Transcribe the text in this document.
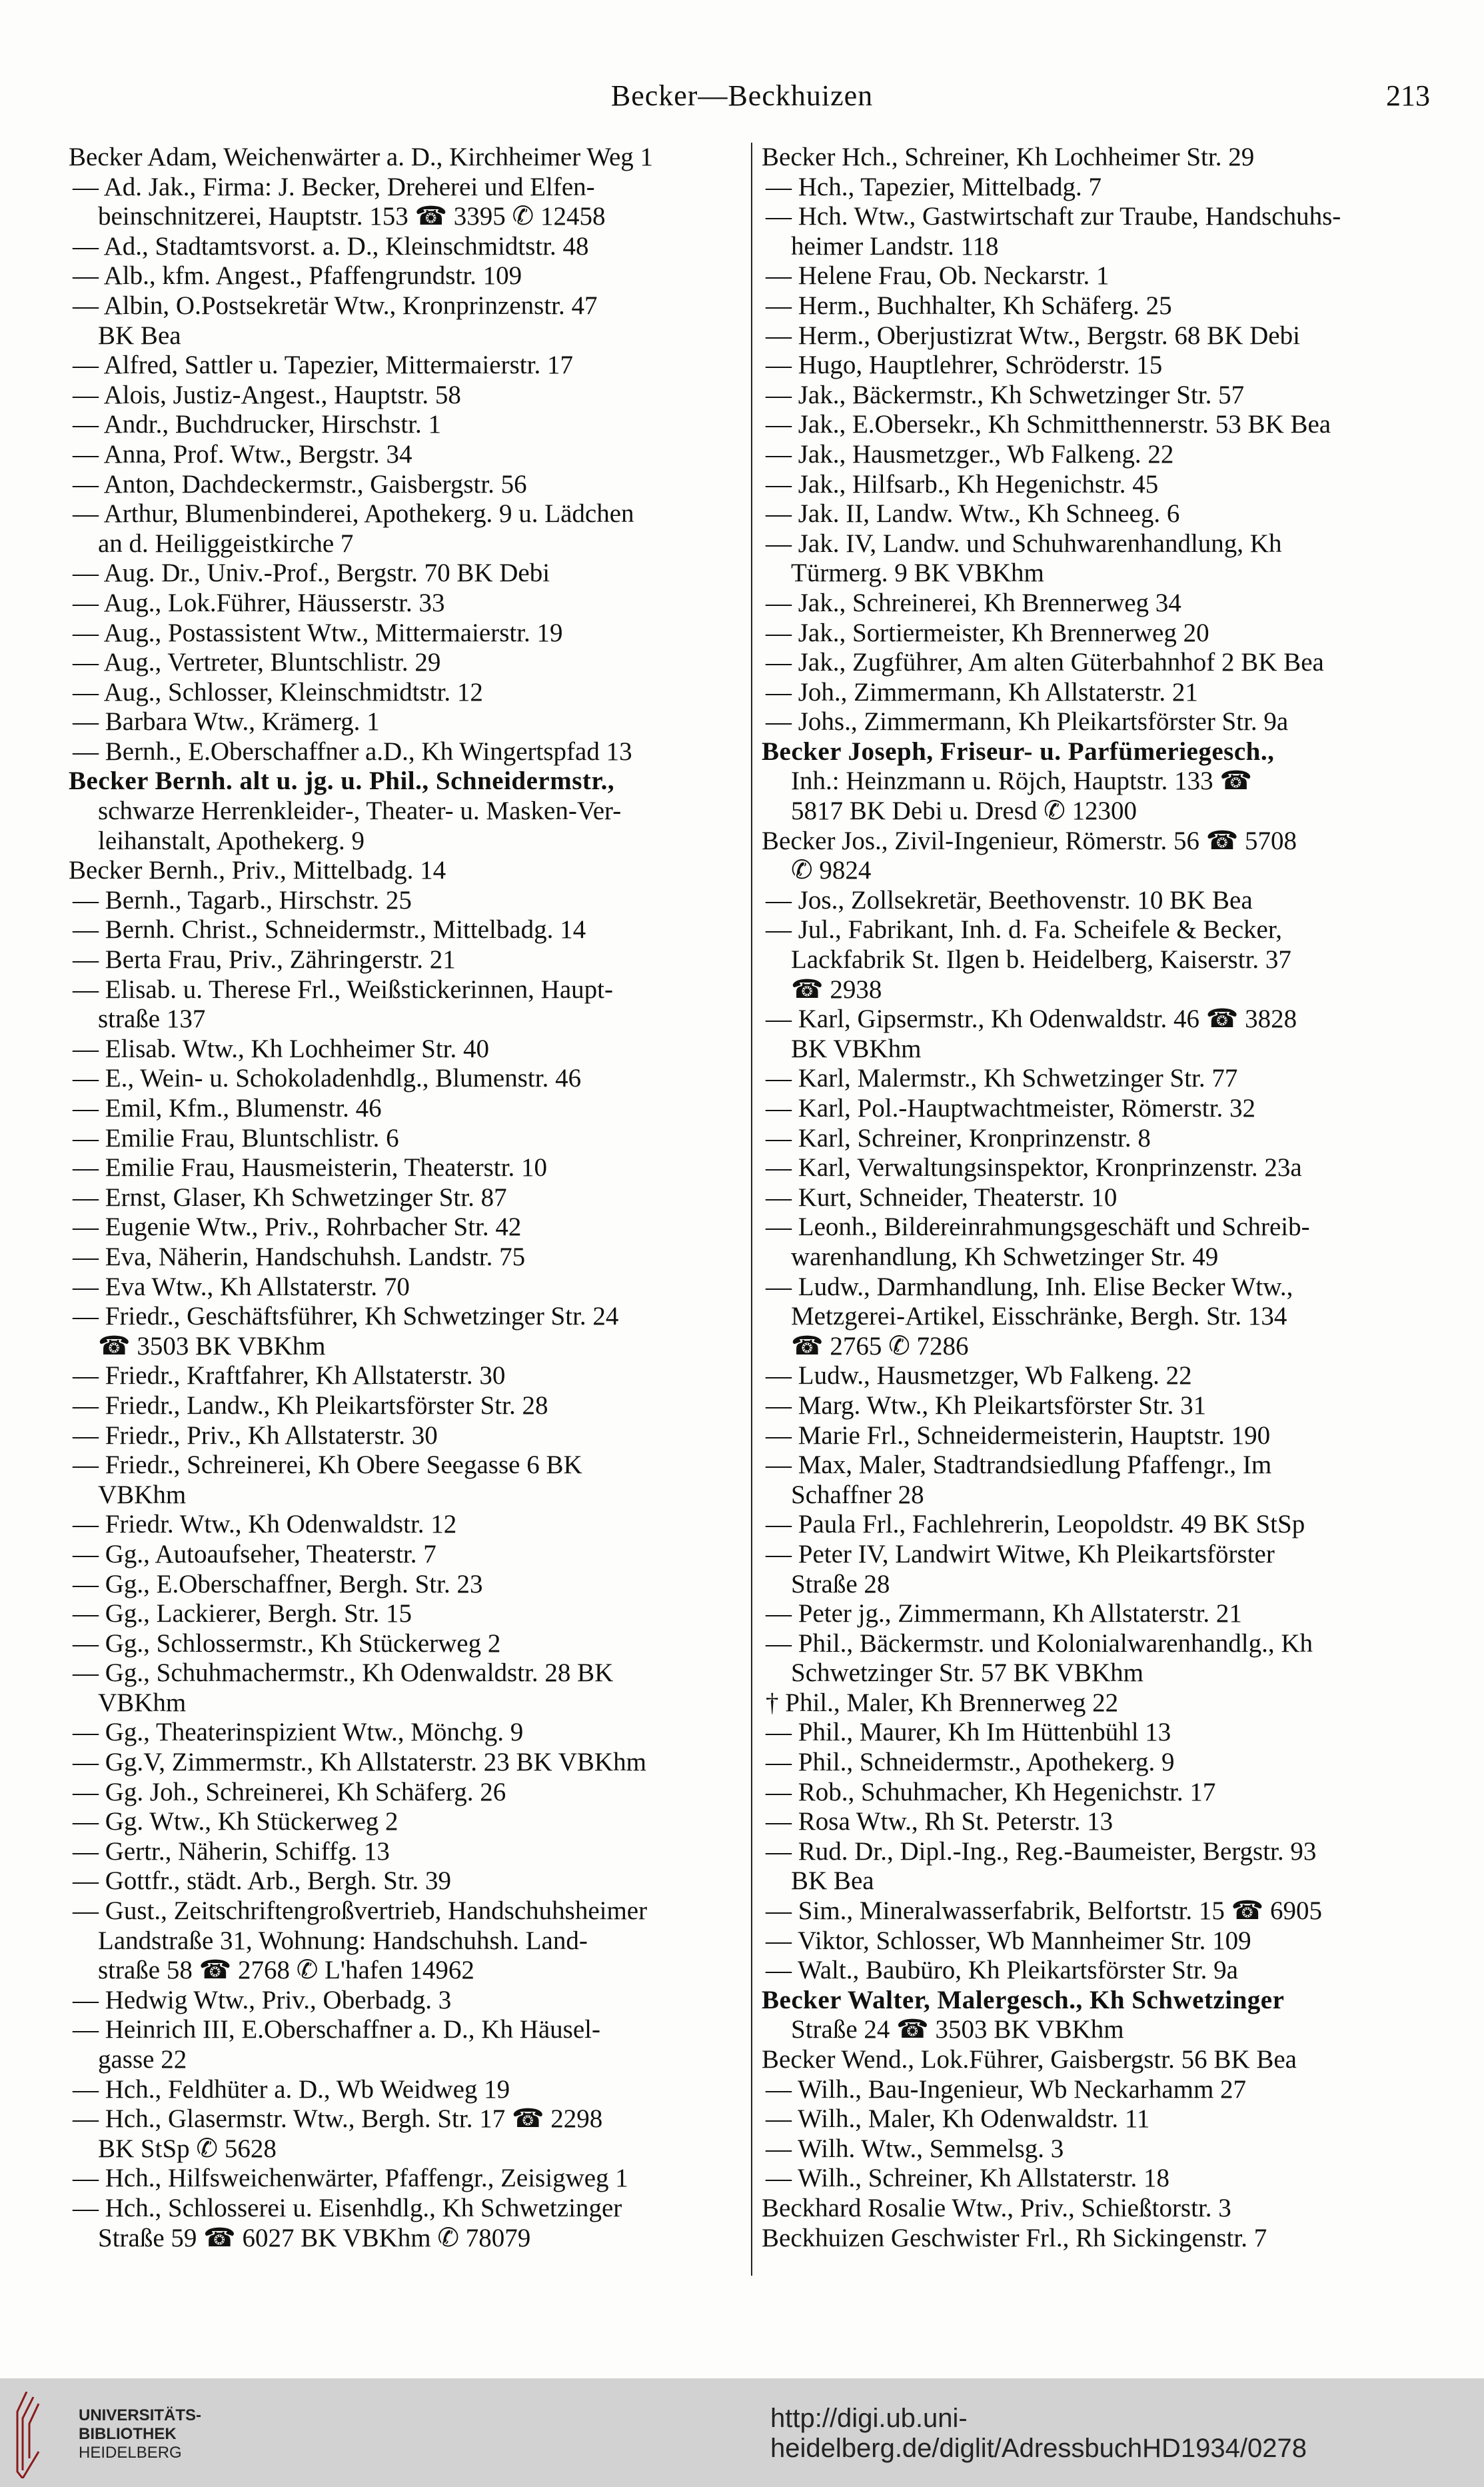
Becker—Beckhuizen	213
Becker Adam, Weichenwärter a. D., Kirchheimer Weg 1
— Ad. Jak., Firma: J. Becker, Dreherei und Elfen-
beinschnitzerei, Hauptstr. 153 ☎ 3395 ✆ 12458
— Ad., Stadtamtsvorst. a. D., Kleinschmidtstr. 48
— Alb., kfm. Angest., Pfaffengrundstr. 109
— Albin, O.Postsekretär Wtw., Kronprinzenstr. 47
BK Bea
— Alfred, Sattler u. Tapezier, Mittermaierstr. 17
— Alois, Justiz-Angest., Hauptstr. 58
— Andr., Buchdrucker, Hirschstr. 1
— Anna, Prof. Wtw., Bergstr. 34
— Anton, Dachdeckermstr., Gaisbergstr. 56
— Arthur, Blumenbinderei, Apothekerg. 9 u. Lädchen
an d. Heiliggeistkirche 7
— Aug. Dr., Univ.-Prof., Bergstr. 70 BK Debi
— Aug., Lok.Führer, Häusserstr. 33
— Aug., Postassistent Wtw., Mittermaierstr. 19
— Aug., Vertreter, Bluntschlistr. 29
— Aug., Schlosser, Kleinschmidtstr. 12
— Barbara Wtw., Krämerg. 1
— Bernh., E.Oberschaffner a.D., Kh Wingertspfad 13
Becker Bernh. alt u. jg. u. Phil., Schneidermstr.,
schwarze Herrenkleider-, Theater- u. Masken-Ver-
leihanstalt, Apothekerg. 9
Becker Bernh., Priv., Mittelbadg. 14
— Bernh., Tagarb., Hirschstr. 25
— Bernh. Christ., Schneidermstr., Mittelbadg. 14
— Berta Frau, Priv., Zähringerstr. 21
— Elisab. u. Therese Frl., Weißstickerinnen, Haupt-
straße 137
— Elisab. Wtw., Kh Lochheimer Str. 40
— E., Wein- u. Schokoladenhdlg., Blumenstr. 46
— Emil, Kfm., Blumenstr. 46
— Emilie Frau, Bluntschlistr. 6
— Emilie Frau, Hausmeisterin, Theaterstr. 10
— Ernst, Glaser, Kh Schwetzinger Str. 87
— Eugenie Wtw., Priv., Rohrbacher Str. 42
— Eva, Näherin, Handschuhsh. Landstr. 75
— Eva Wtw., Kh Allstaterstr. 70
— Friedr., Geschäftsführer, Kh Schwetzinger Str. 24
☎ 3503 BK VBKhm
— Friedr., Kraftfahrer, Kh Allstaterstr. 30
— Friedr., Landw., Kh Pleikartsförster Str. 28
— Friedr., Priv., Kh Allstaterstr. 30
— Friedr., Schreinerei, Kh Obere Seegasse 6 BK
VBKhm
— Friedr. Wtw., Kh Odenwaldstr. 12
— Gg., Autoaufseher, Theaterstr. 7
— Gg., E.Oberschaffner, Bergh. Str. 23
— Gg., Lackierer, Bergh. Str. 15
— Gg., Schlossermstr., Kh Stückerweg 2
— Gg., Schuhmachermstr., Kh Odenwaldstr. 28 BK
VBKhm
— Gg., Theaterinspizient Wtw., Mönchg. 9
— Gg.V, Zimmermstr., Kh Allstaterstr. 23 BK VBKhm
— Gg. Joh., Schreinerei, Kh Schäferg. 26
— Gg. Wtw., Kh Stückerweg 2
— Gertr., Näherin, Schiffg. 13
— Gottfr., städt. Arb., Bergh. Str. 39
— Gust., Zeitschriftengroßvertrieb, Handschuhsheimer
Landstraße 31, Wohnung: Handschuhsh. Land-
straße 58 ☎ 2768 ✆ L'hafen 14962
— Hedwig Wtw., Priv., Oberbadg. 3
— Heinrich III, E.Oberschaffner a. D., Kh Häusel-
gasse 22
— Hch., Feldhüter a. D., Wb Weidweg 19
— Hch., Glasermstr. Wtw., Bergh. Str. 17 ☎ 2298
BK StSp ✆ 5628
— Hch., Hilfsweichenwärter, Pfaffengr., Zeisigweg 1
— Hch., Schlosserei u. Eisenhdlg., Kh Schwetzinger
Straße 59 ☎ 6027 BK VBKhm ✆ 78079
Becker Hch., Schreiner, Kh Lochheimer Str. 29
— Hch., Tapezier, Mittelbadg. 7
— Hch. Wtw., Gastwirtschaft zur Traube, Handschuhs-
heimer Landstr. 118
— Helene Frau, Ob. Neckarstr. 1
— Herm., Buchhalter, Kh Schäferg. 25
— Herm., Oberjustizrat Wtw., Bergstr. 68 BK Debi
— Hugo, Hauptlehrer, Schröderstr. 15
— Jak., Bäckermstr., Kh Schwetzinger Str. 57
— Jak., E.Obersekr., Kh Schmitthennerstr. 53 BK Bea
— Jak., Hausmetzger., Wb Falkeng. 22
— Jak., Hilfsarb., Kh Hegenichstr. 45
— Jak. II, Landw. Wtw., Kh Schneeg. 6
— Jak. IV, Landw. und Schuhwarenhandlung, Kh
Türmerg. 9 BK VBKhm
— Jak., Schreinerei, Kh Brennerweg 34
— Jak., Sortiermeister, Kh Brennerweg 20
— Jak., Zugführer, Am alten Güterbahnhof 2 BK Bea
— Joh., Zimmermann, Kh Allstaterstr. 21
— Johs., Zimmermann, Kh Pleikartsförster Str. 9a
Becker Joseph, Friseur- u. Parfümeriegesch.,
Inh.: Heinzmann u. Röjch, Hauptstr. 133 ☎
5817 BK Debi u. Dresd ✆ 12300
Becker Jos., Zivil-Ingenieur, Römerstr. 56 ☎ 5708
✆ 9824
— Jos., Zollsekretär, Beethovenstr. 10 BK Bea
— Jul., Fabrikant, Inh. d. Fa. Scheifele & Becker,
Lackfabrik St. Ilgen b. Heidelberg, Kaiserstr. 37
☎ 2938
— Karl, Gipsermstr., Kh Odenwaldstr. 46 ☎ 3828
BK VBKhm
— Karl, Malermstr., Kh Schwetzinger Str. 77
— Karl, Pol.-Hauptwachtmeister, Römerstr. 32
— Karl, Schreiner, Kronprinzenstr. 8
— Karl, Verwaltungsinspektor, Kronprinzenstr. 23a
— Kurt, Schneider, Theaterstr. 10
— Leonh., Bildereinrahmungsgeschäft und Schreib-
warenhandlung, Kh Schwetzinger Str. 49
— Ludw., Darmhandlung, Inh. Elise Becker Wtw.,
Metzgerei-Artikel, Eisschränke, Bergh. Str. 134
☎ 2765 ✆ 7286
— Ludw., Hausmetzger, Wb Falkeng. 22
— Marg. Wtw., Kh Pleikartsförster Str. 31
— Marie Frl., Schneidermeisterin, Hauptstr. 190
— Max, Maler, Stadtrandsiedlung Pfaffengr., Im
Schaffner 28
— Paula Frl., Fachlehrerin, Leopoldstr. 49 BK StSp
— Peter IV, Landwirt Witwe, Kh Pleikartsförster
Straße 28
— Peter jg., Zimmermann, Kh Allstaterstr. 21
— Phil., Bäckermstr. und Kolonialwarenhandlg., Kh
Schwetzinger Str. 57 BK VBKhm
† Phil., Maler, Kh Brennerweg 22
— Phil., Maurer, Kh Im Hüttenbühl 13
— Phil., Schneidermstr., Apothekerg. 9
— Rob., Schuhmacher, Kh Hegenichstr. 17
— Rosa Wtw., Rh St. Peterstr. 13
— Rud. Dr., Dipl.-Ing., Reg.-Baumeister, Bergstr. 93
BK Bea
— Sim., Mineralwasserfabrik, Belfortstr. 15 ☎ 6905
— Viktor, Schlosser, Wb Mannheimer Str. 109
— Walt., Baubüro, Kh Pleikartsförster Str. 9a
Becker Walter, Malergesch., Kh Schwetzinger
Straße 24 ☎ 3503 BK VBKhm
Becker Wend., Lok.Führer, Gaisbergstr. 56 BK Bea
— Wilh., Bau-Ingenieur, Wb Neckarhamm 27
— Wilh., Maler, Kh Odenwaldstr. 11
— Wilh. Wtw., Semmelsg. 3
— Wilh., Schreiner, Kh Allstaterstr. 18
Beckhard Rosalie Wtw., Priv., Schießtorstr. 3
Beckhuizen Geschwister Frl., Rh Sickingenstr. 7
UNIVERSITÄTS-
BIBLIOTHEK
HEIDELBERG
http://digi.ub.uni-heidelberg.de/diglit/AdressbuchHD1934/0278
